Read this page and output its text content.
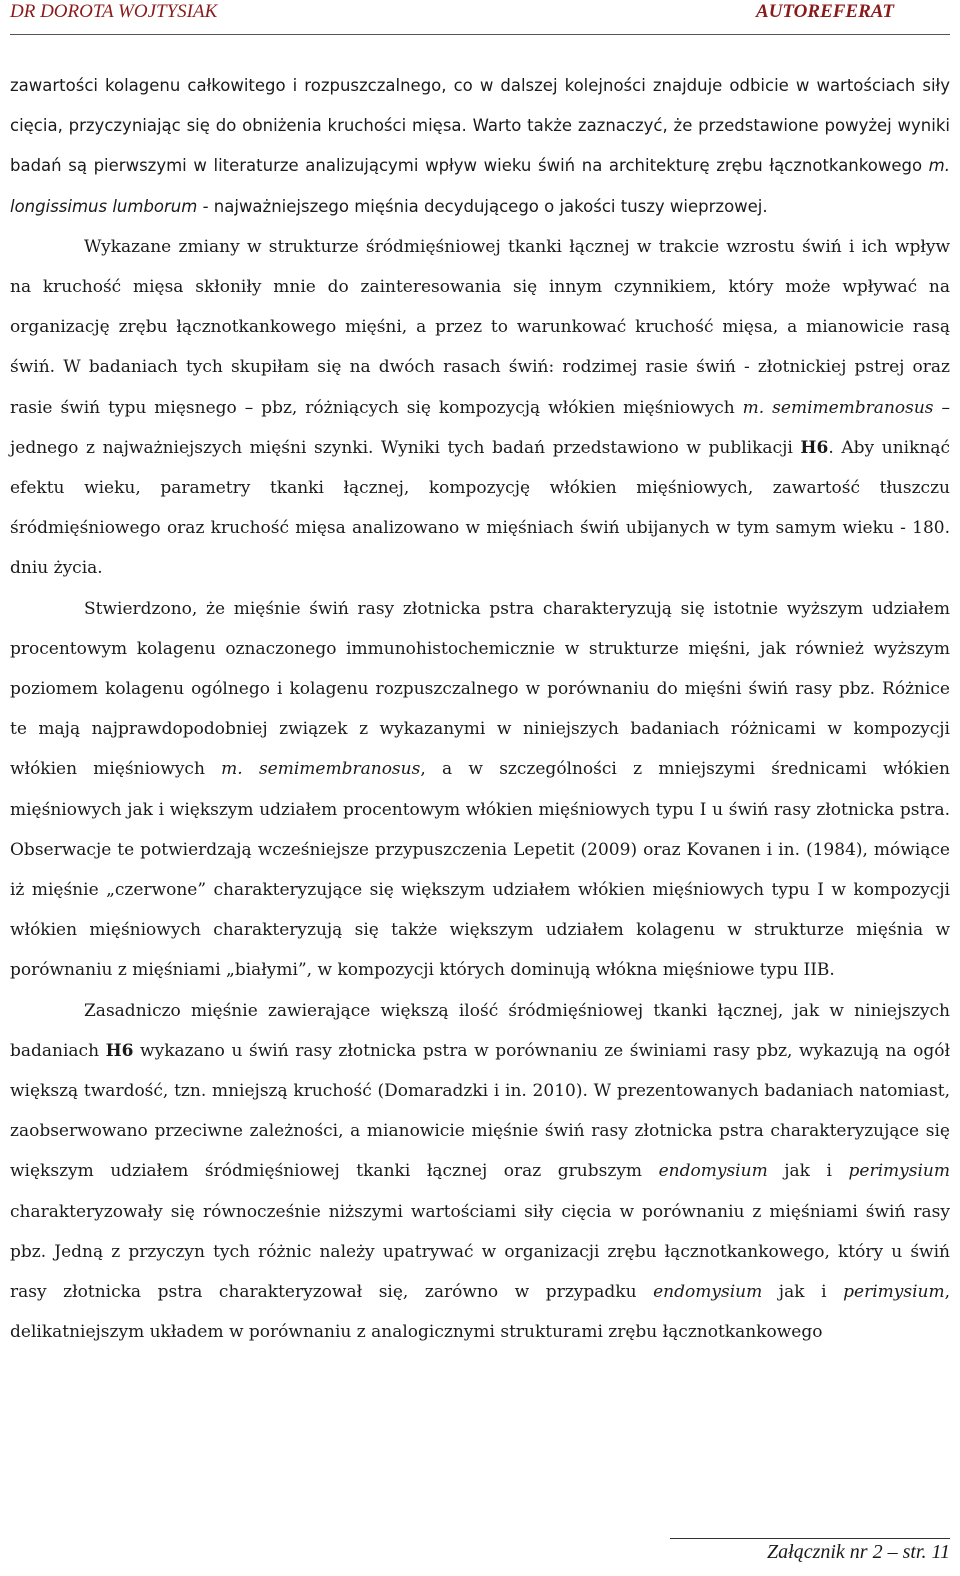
DR DOROTA WOJTYSIAK	AUTOREFERAT

zawartości kolagenu całkowitego i rozpuszczalnego, co w dalszej kolejności znajduje odbicie w wartościach siły cięcia, przyczyniając się do obniżenia kruchości mięsa. Warto także zaznaczyć, że przedstawione powyżej wyniki badań są pierwszymi w literaturze analizującymi wpływ wieku świń na architekturę zrębu łącznotkankowego m. longissimus lumborum - najważniejszego mięśnia decydującego o jakości tuszy wieprzowej.

Wykazane zmiany w strukturze śródmięśniowej tkanki łącznej w trakcie wzrostu świń i ich wpływ na kruchość mięsa skłoniły mnie do zainteresowania się innym czynnikiem, który może wpływać na organizację zrębu łącznotkankowego mięśni, a przez to warunkować kruchość mięsa, a mianowicie rasą świń. W badaniach tych skupiłam się na dwóch rasach świń: rodzimej rasie świń - złotnickiej pstrej oraz rasie świń typu mięsnego – pbz, różniących się kompozycją włókien mięśniowych m. semimembranosus – jednego z najważniejszych mięśni szynki. Wyniki tych badań przedstawiono w publikacji H6. Aby uniknąć efektu wieku, parametry tkanki łącznej, kompozycję włókien mięśniowych, zawartość tłuszczu śródmięśniowego oraz kruchość mięsa analizowano w mięśniach świń ubijanych w tym samym wieku - 180. dniu życia.

Stwierdzono, że mięśnie świń rasy złotnicka pstra charakteryzują się istotnie wyższym udziałem procentowym kolagenu oznaczonego immunohistochemicznie w strukturze mięśni, jak również wyższym poziomem kolagenu ogólnego i kolagenu rozpuszczalnego w porównaniu do mięśni świń rasy pbz. Różnice te mają najprawdopodobniej związek z wykazanymi w niniejszych badaniach różnicami w kompozycji włókien mięśniowych m. semimembranosus, a w szczególności z mniejszymi średnicami włókien mięśniowych jak i większym udziałem procentowym włókien mięśniowych typu I u świń rasy złotnicka pstra. Obserwacje te potwierdzają wcześniejsze przypuszczenia Lepetit (2009) oraz Kovanen i in. (1984), mówiące iż mięśnie „czerwone” charakteryzujące się większym udziałem włókien mięśniowych typu I w kompozycji włókien mięśniowych charakteryzują się także większym udziałem kolagenu w strukturze mięśnia w porównaniu z mięśniami „białymi”, w kompozycji których dominują włókna mięśniowe typu IIB.

Zasadniczo mięśnie zawierające większą ilość śródmięśniowej tkanki łącznej, jak w niniejszych badaniach H6 wykazano u świń rasy złotnicka pstra w porównaniu ze świniami rasy pbz, wykazują na ogół większą twardość, tzn. mniejszą kruchość (Domaradzki i in. 2010). W prezentowanych badaniach natomiast, zaobserwowano przeciwne zależności, a mianowicie mięśnie świń rasy złotnicka pstra charakteryzujące się większym udziałem śródmięśniowej tkanki łącznej oraz grubszym endomysium jak i perimysium charakteryzowały się równocześnie niższymi wartościami siły cięcia w porównaniu z mięśniami świń rasy pbz. Jedną z przyczyn tych różnic należy upatrywać w organizacji zrębu łącznotkankowego, który u świń rasy złotnicka pstra charakteryzował się, zarówno w przypadku endomysium jak i perimysium, delikatniejszym układem w porównaniu z analogicznymi strukturami zrębu łącznotkankowego

Załącznik nr 2 – str. 11
